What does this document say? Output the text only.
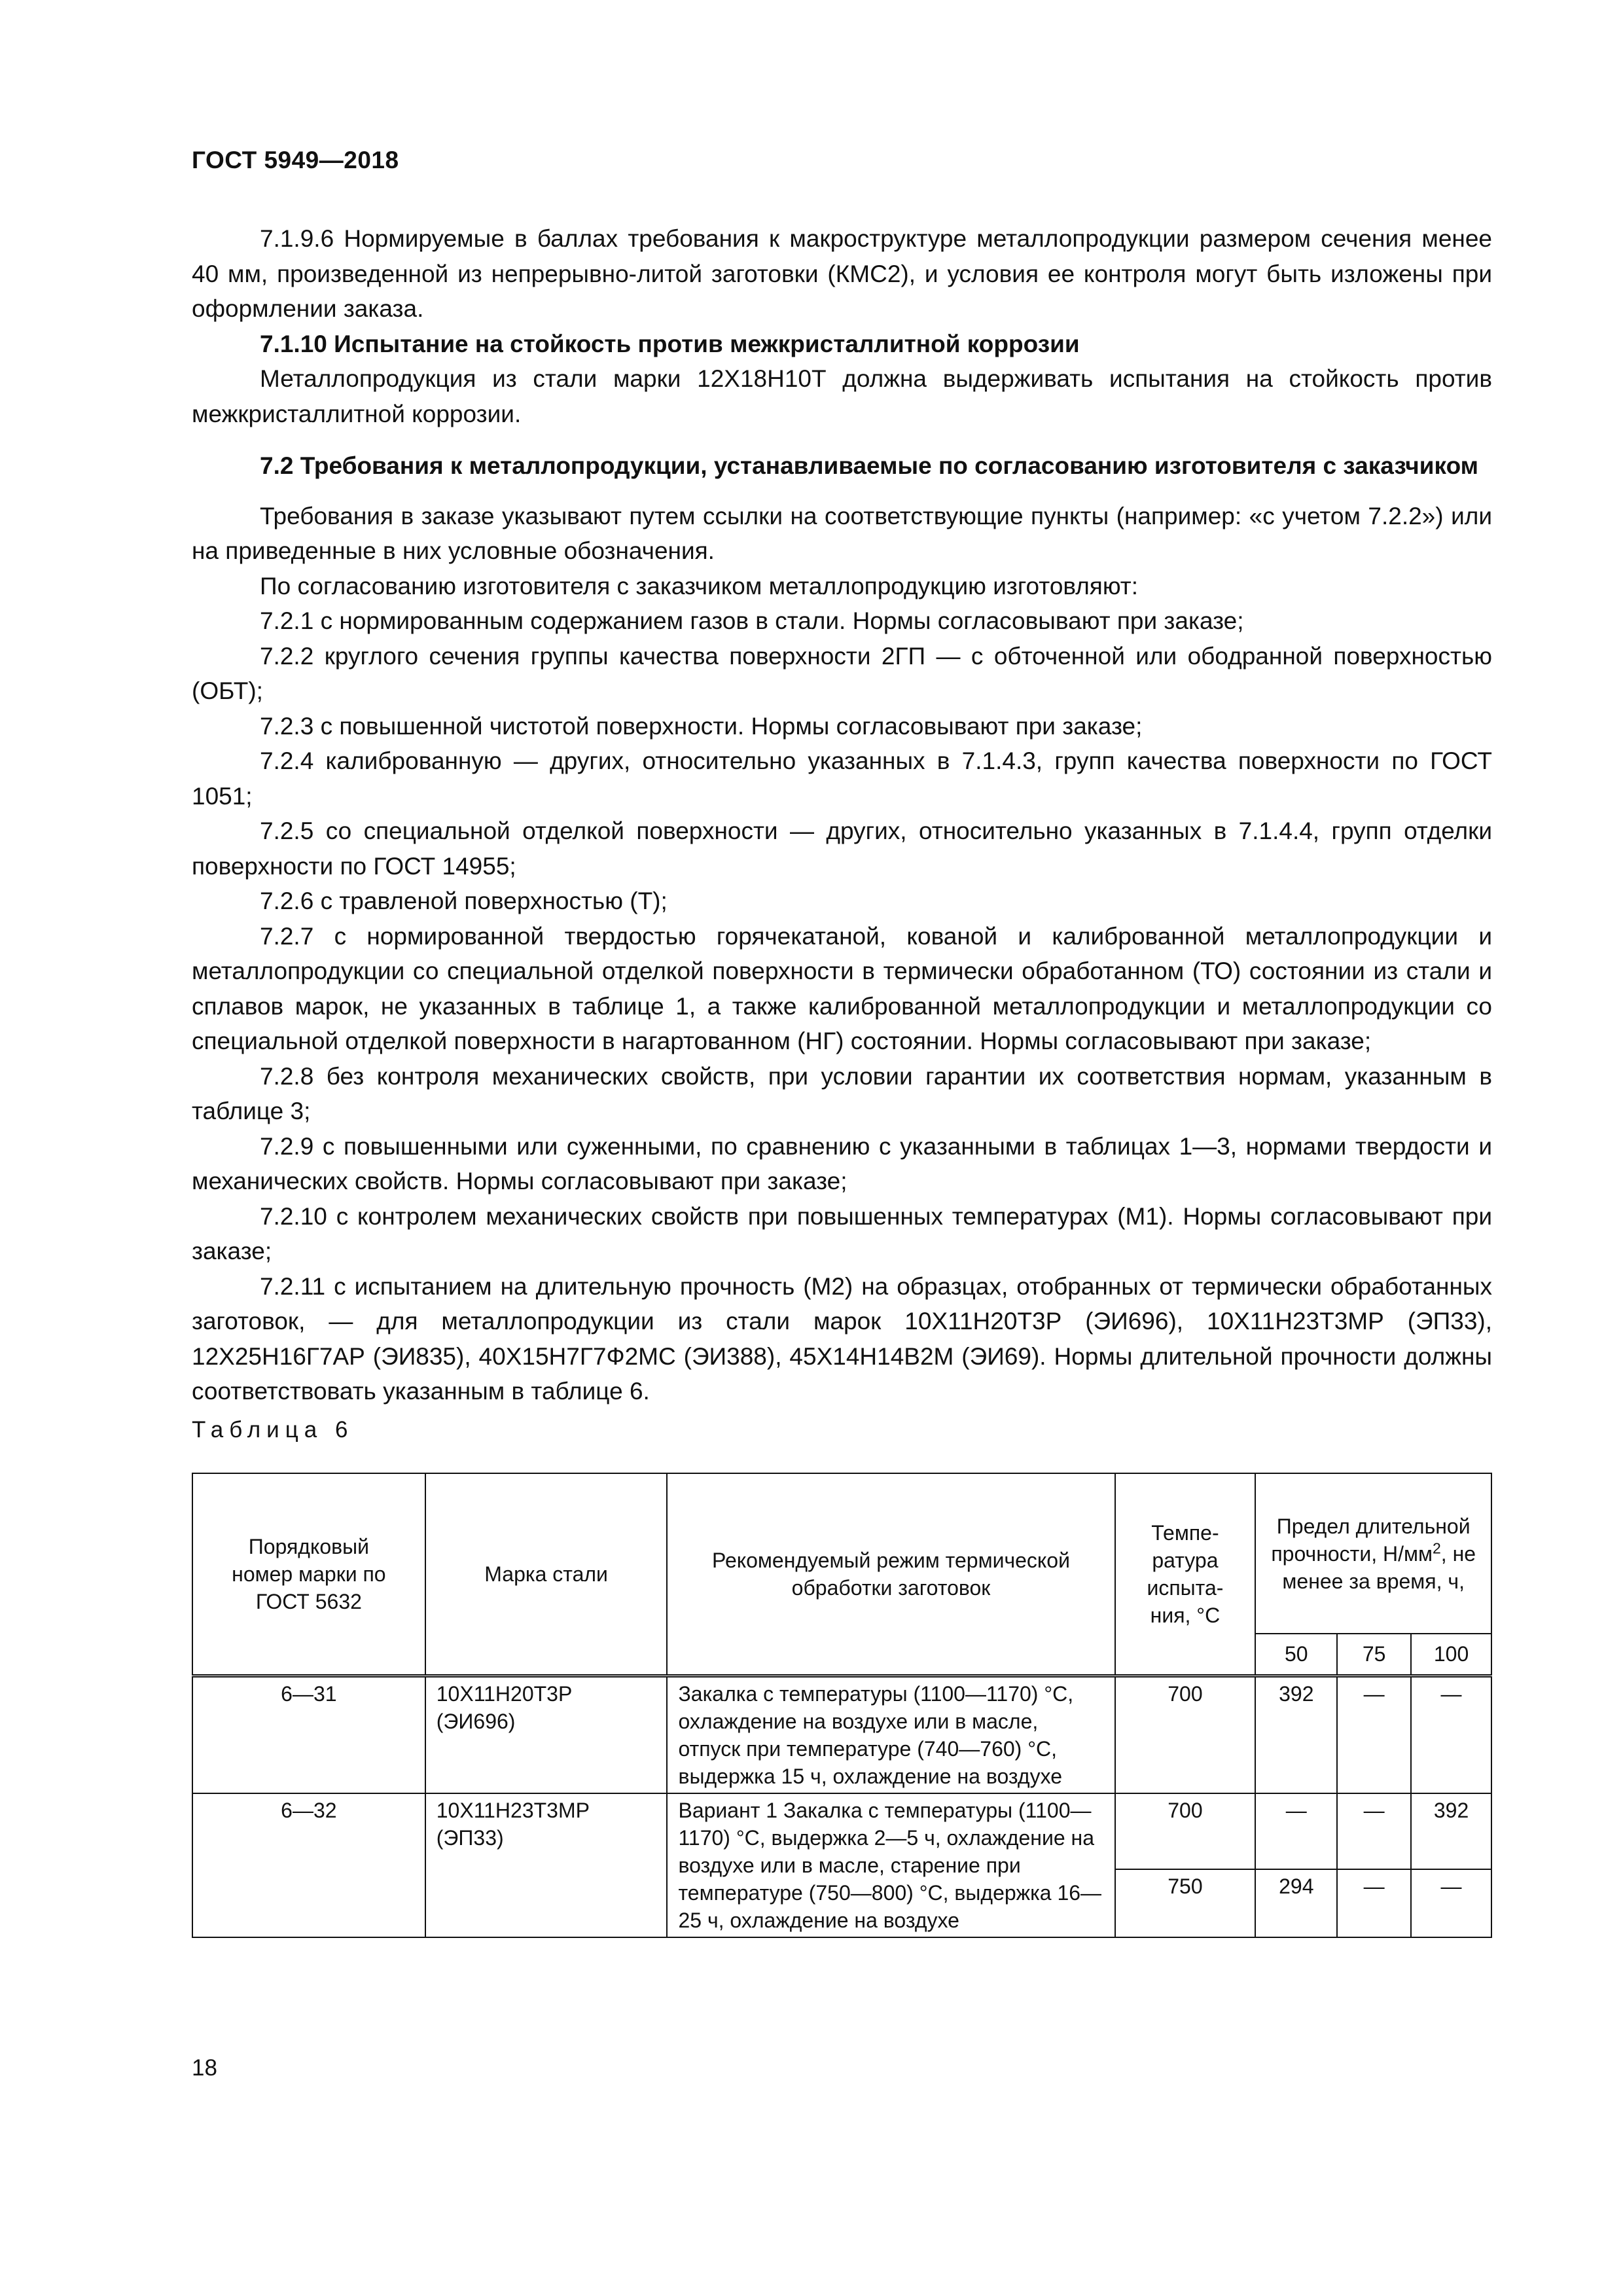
ГОСТ 5949—2018

7.1.9.6 Нормируемые в баллах требования к макроструктуре металлопродукции размером сечения менее 40 мм, произведенной из непрерывно-литой заготовки (КМС2), и условия ее контроля могут быть изложены при оформлении заказа.

7.1.10 Испытание на стойкость против межкристаллитной коррозии

Металлопродукция из стали марки 12Х18Н10Т должна выдерживать испытания на стойкость против межкристаллитной коррозии.

7.2 Требования к металлопродукции, устанавливаемые по согласованию изготовителя с заказчиком

Требования в заказе указывают путем ссылки на соответствующие пункты (например: «с учетом 7.2.2») или на приведенные в них условные обозначения.

По согласованию изготовителя с заказчиком металлопродукцию изготовляют:

7.2.1 с нормированным содержанием газов в стали. Нормы согласовывают при заказе;

7.2.2 круглого сечения группы качества поверхности 2ГП — с обточенной или ободранной поверхностью (ОБТ);

7.2.3 с повышенной чистотой поверхности. Нормы согласовывают при заказе;

7.2.4 калиброванную — других, относительно указанных в 7.1.4.3, групп качества поверхности по ГОСТ 1051;

7.2.5 со специальной отделкой поверхности — других, относительно указанных в 7.1.4.4, групп отделки поверхности по ГОСТ 14955;

7.2.6 с травленой поверхностью (Т);

7.2.7 с нормированной твердостью горячекатаной, кованой и калиброванной металлопродукции и металлопродукции со специальной отделкой поверхности в термически обработанном (ТО) состоянии из стали и сплавов марок, не указанных в таблице 1, а также калиброванной металлопродукции и металлопродукции со специальной отделкой поверхности в нагартованном (НГ) состоянии. Нормы согласовывают при заказе;

7.2.8 без контроля механических свойств, при условии гарантии их соответствия нормам, указанным в таблице 3;

7.2.9 с повышенными или суженными, по сравнению с указанными в таблицах 1—3, нормами твердости и механических свойств. Нормы согласовывают при заказе;

7.2.10 с контролем механических свойств при повышенных температурах (М1). Нормы согласовывают при заказе;

7.2.11 с испытанием на длительную прочность (М2) на образцах, отобранных от термически обработанных заготовок, — для металлопродукции из стали марок 10Х11Н20Т3Р (ЭИ696), 10Х11Н23Т3МР (ЭП33), 12Х25Н16Г7АР (ЭИ835), 40Х15Н7Г7Ф2МС (ЭИ388), 45Х14Н14В2М (ЭИ69). Нормы длительной прочности должны соответствовать указанным в таблице 6.

Таблица 6
Порядковый номер марки по ГОСТ 5632	Марка стали	Рекомендуемый режим термической обработки заготовок	Темпе-ратура испыта-ния, °С	Предел длительной прочности, $Н/мм^2$, не менее за время, ч,		
				50	75	100
6—31	10Х11Н20Т3Р (ЭИ696)	Закалка с температуры (1100—1170) °С, охлаждение на воздухе или в масле, отпуск при температуре (740—760) °С, выдержка 15 ч, охлаждение на воздухе	700	392	—	—
6—32	10Х11Н23Т3МР (ЭП33)	Вариант 1 Закалка с температуры (1100—1170) °С, выдержка 2—5 ч, охлаждение на воздухе или в масле, старение при температуре (750—800) °С, выдержка 16—25 ч, охлаждение на воздухе	700	—	—	392
			750	294	—	—
18
